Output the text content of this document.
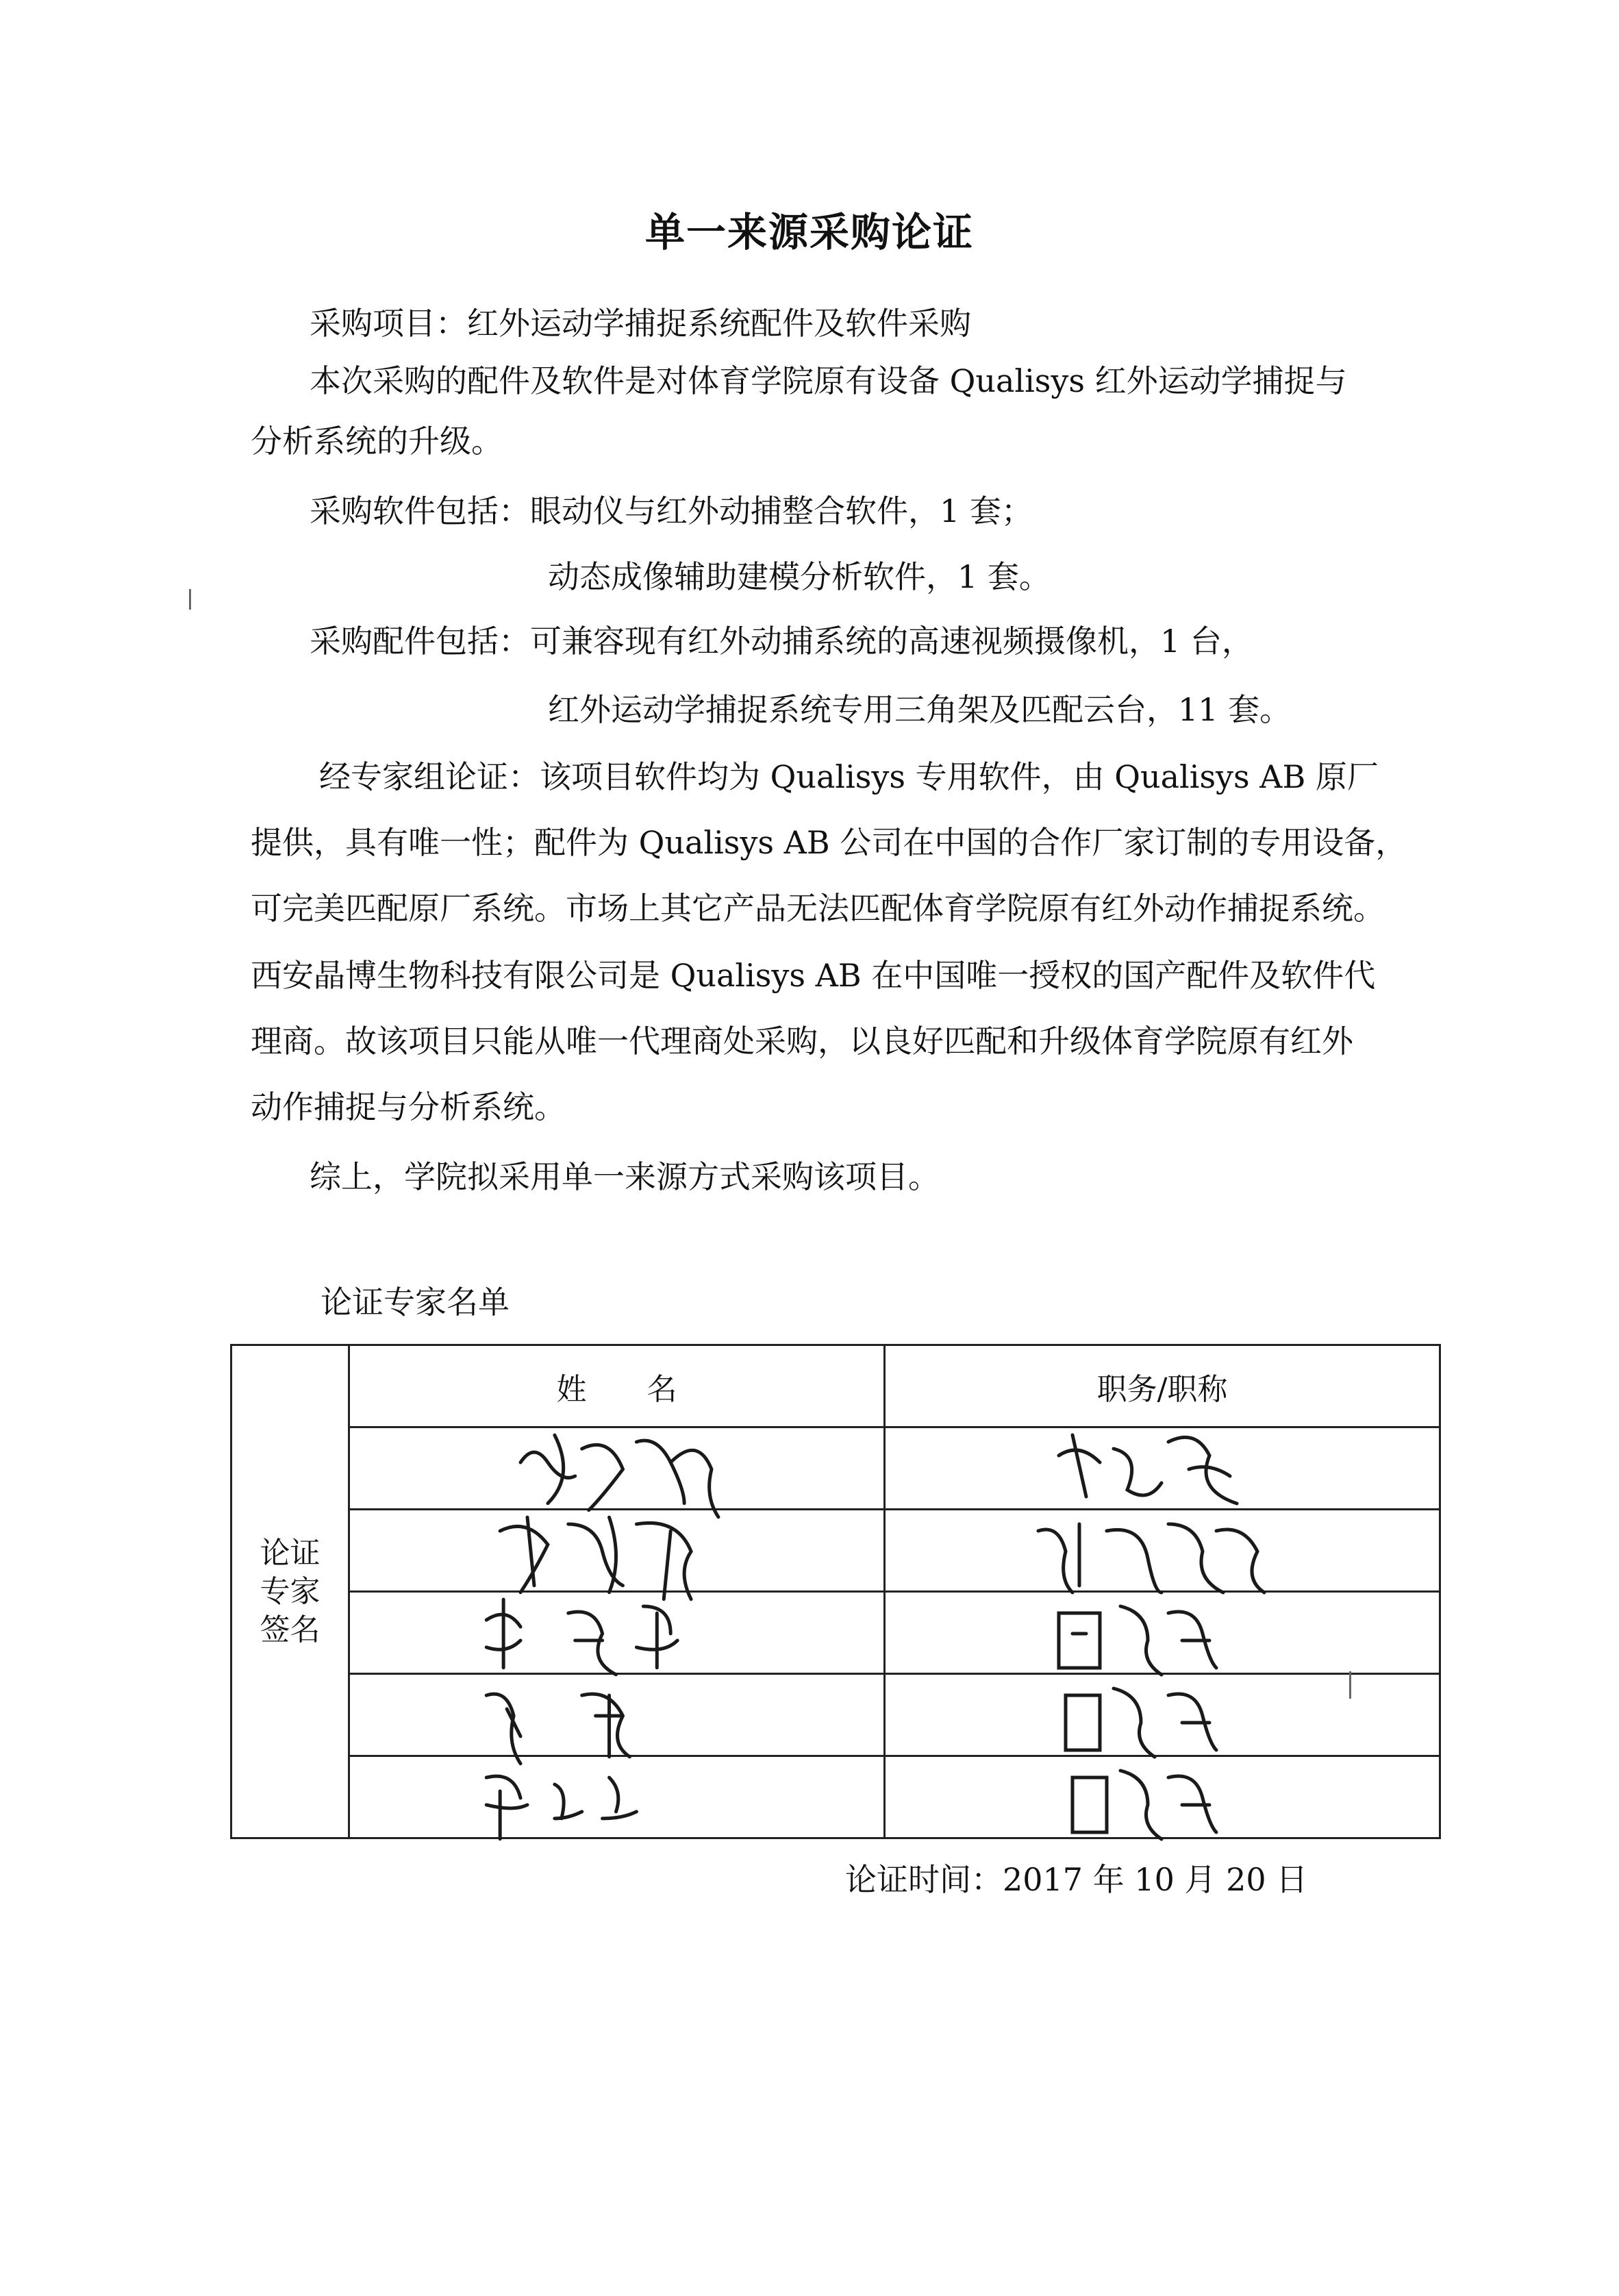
单一来源采购论证
采购项目：红外运动学捕捉系统配件及软件采购
本次采购的配件及软件是对体育学院原有设备 Qualisys 红外运动学捕捉与
分析系统的升级。
采购软件包括：眼动仪与红外动捕整合软件，1 套；
动态成像辅助建模分析软件，1 套。
采购配件包括：可兼容现有红外动捕系统的高速视频摄像机，1 台，
红外运动学捕捉系统专用三角架及匹配云台，11 套。
经专家组论证：该项目软件均为 Qualisys 专用软件，由 Qualisys AB 原厂
提供，具有唯一性；配件为 Qualisys AB 公司在中国的合作厂家订制的专用设备，
可完美匹配原厂系统。市场上其它产品无法匹配体育学院原有红外动作捕捉系统。
西安晶博生物科技有限公司是 Qualisys AB 在中国唯一授权的国产配件及软件代
理商。故该项目只能从唯一代理商处采购，以良好匹配和升级体育学院原有红外
动作捕捉与分析系统。
综上，学院拟采用单一来源方式采购该项目。
论证专家名单
论证
专家
签名	姓　　名	职务/职称

论证时间：2017 年 10 月 20 日
